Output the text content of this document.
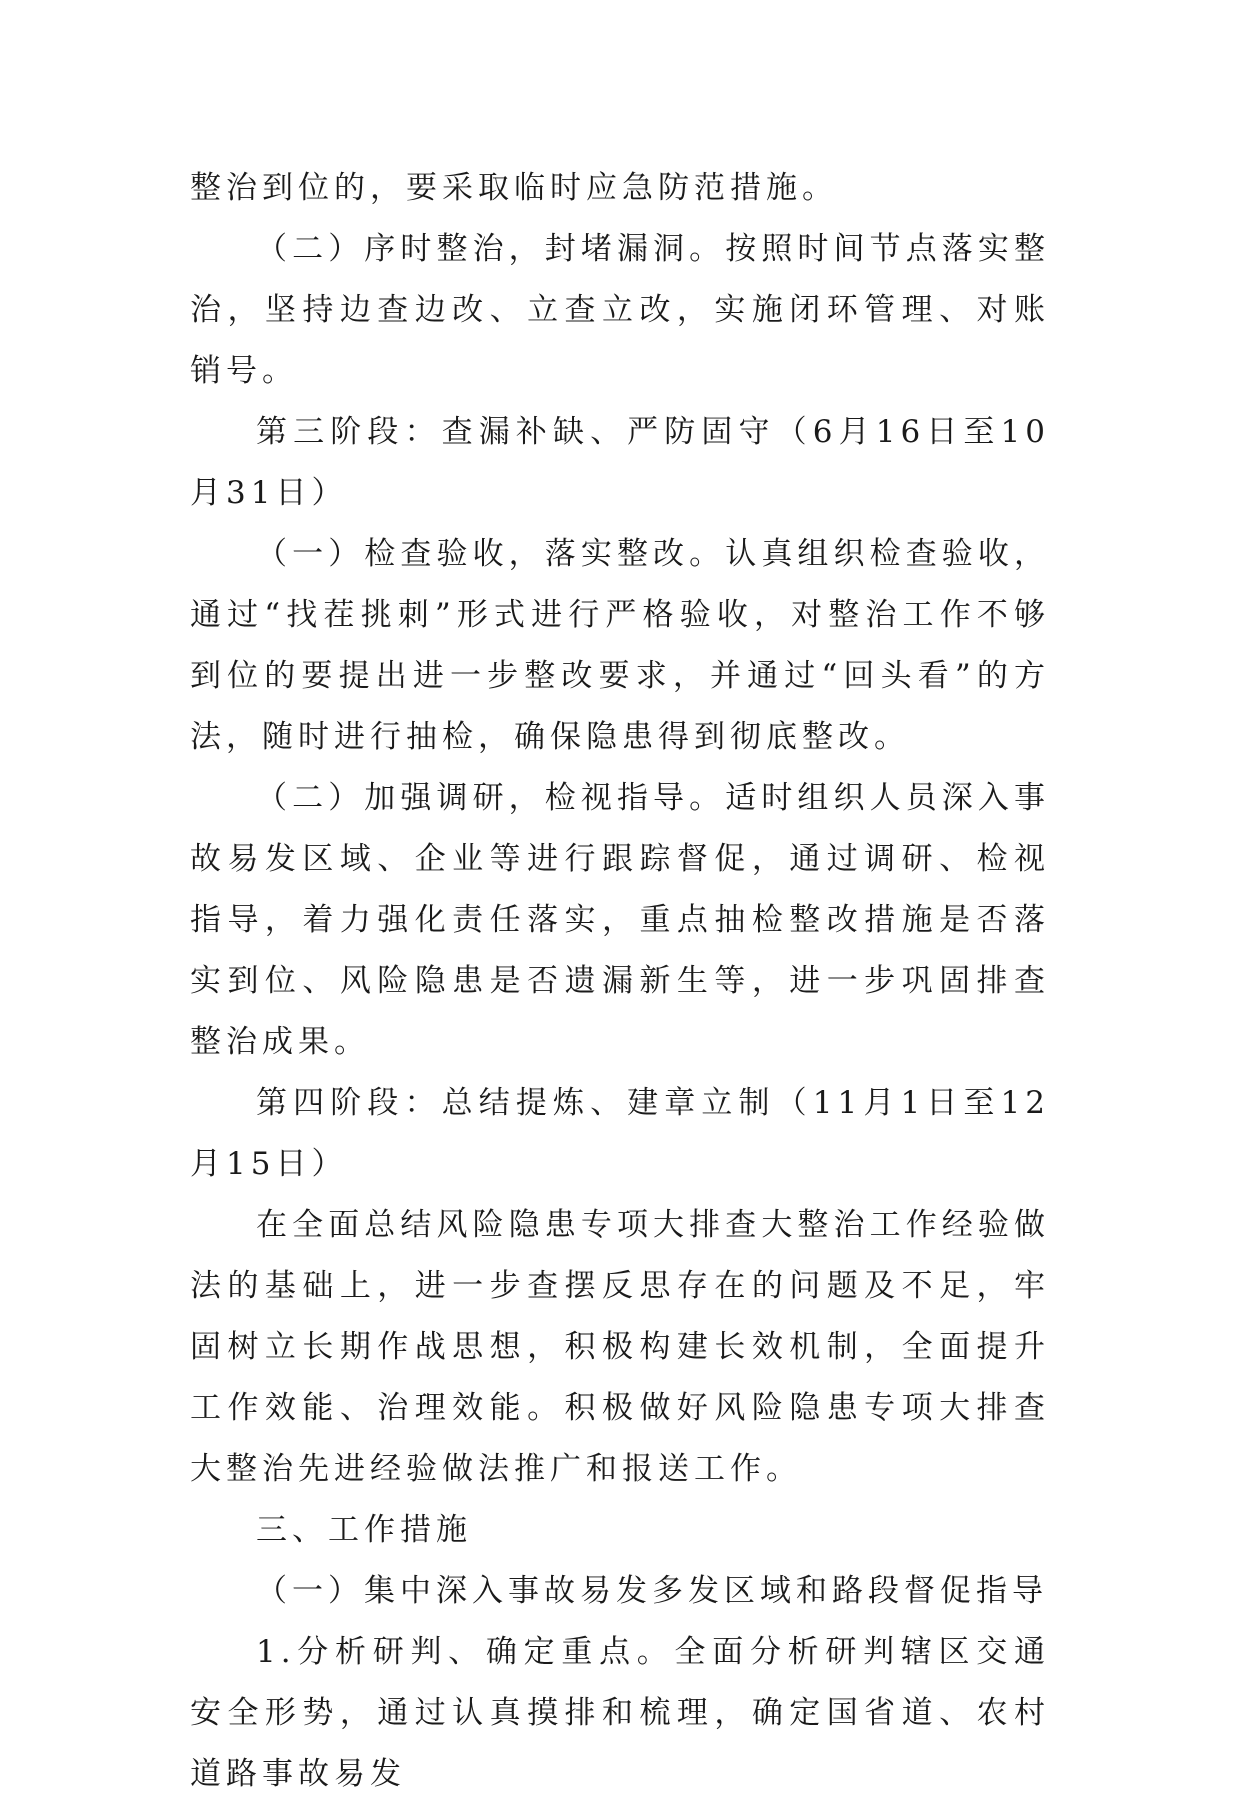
整治到位的，要采取临时应急防范措施。

（二）序时整治，封堵漏洞。按照时间节点落实整治，坚持边查边改、立查立改，实施闭环管理、对账销号。

第三阶段：查漏补缺、严防固守（6月16日至10月31日）

（一）检查验收，落实整改。认真组织检查验收，通过“找茬挑刺”形式进行严格验收，对整治工作不够到位的要提出进一步整改要求，并通过“回头看”的方法，随时进行抽检，确保隐患得到彻底整改。

（二）加强调研，检视指导。适时组织人员深入事故易发区域、企业等进行跟踪督促，通过调研、检视指导，着力强化责任落实，重点抽检整改措施是否落实到位、风险隐患是否遗漏新生等，进一步巩固排查整治成果。

第四阶段：总结提炼、建章立制（11月1日至12月15日）

在全面总结风险隐患专项大排查大整治工作经验做法的基础上，进一步查摆反思存在的问题及不足，牢固树立长期作战思想，积极构建长效机制，全面提升工作效能、治理效能。积极做好风险隐患专项大排查大整治先进经验做法推广和报送工作。

三、工作措施

（一）集中深入事故易发多发区域和路段督促指导

1.分析研判、确定重点。全面分析研判辖区交通安全形势，通过认真摸排和梳理，确定国省道、农村道路事故易发
